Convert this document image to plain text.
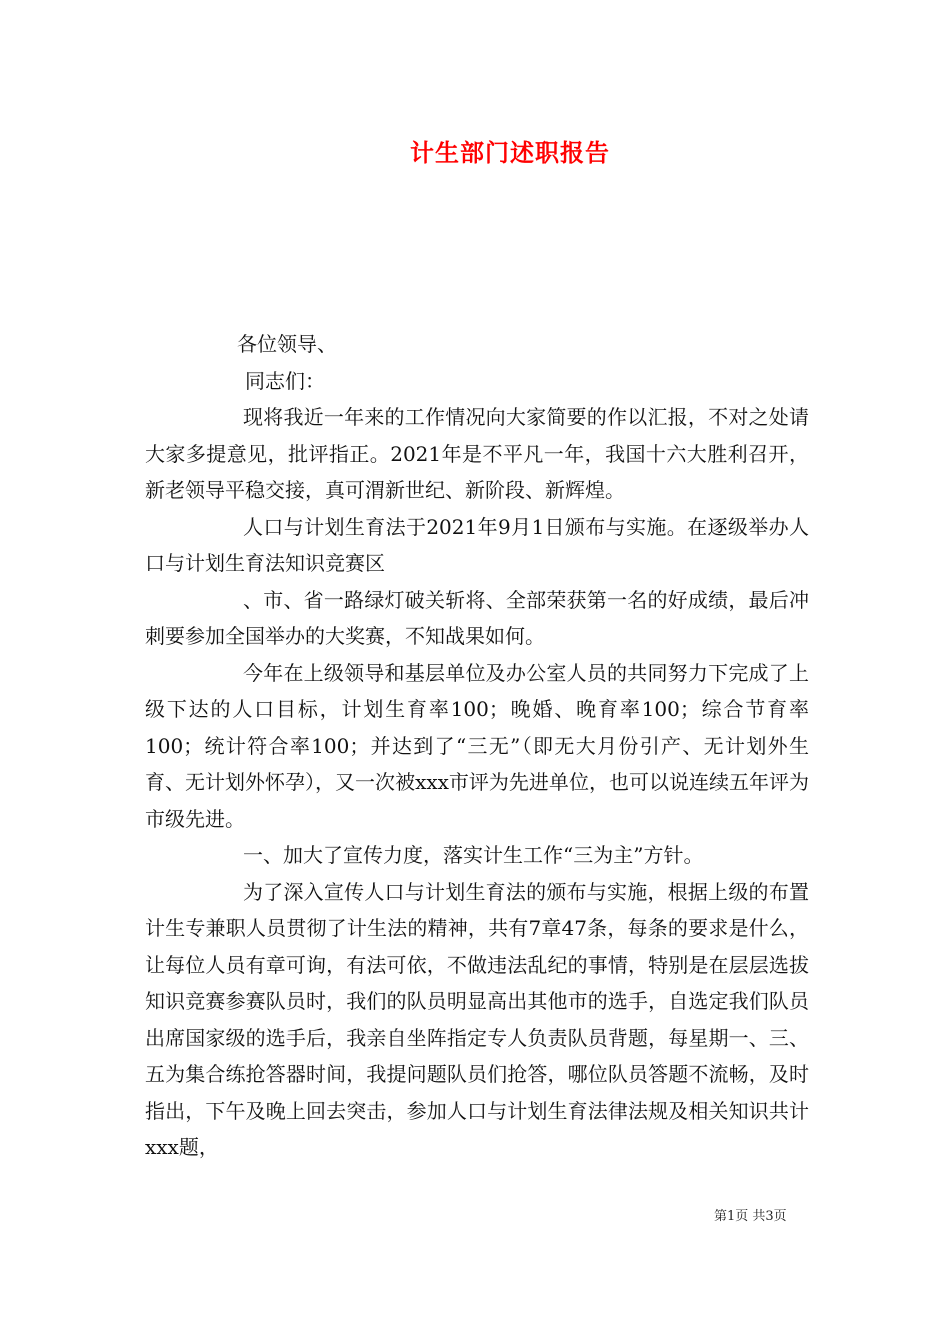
计生部门述职报告

各位领导、

同志们：

现将我近一年来的工作情况向大家简要的作以汇报，不对之处请大家多提意见，批评指正。2021年是不平凡一年，我国十六大胜利召开，新老领导平稳交接，真可渭新世纪、新阶段、新辉煌。

人口与计划生育法于2021年9月1日颁布与实施。在逐级举办人口与计划生育法知识竞赛区

、市、省一路绿灯破关斩将、全部荣获第一名的好成绩，最后冲刺要参加全国举办的大奖赛，不知战果如何。

今年在上级领导和基层单位及办公室人员的共同努力下完成了上级下达的人口目标，计划生育率100；晚婚、晚育率100；综合节育率100；统计符合率100；并达到了“三无”（即无大月份引产、无计划外生育、无计划外怀孕），又一次被xxx市评为先进单位，也可以说连续五年评为市级先进。

一、加大了宣传力度，落实计生工作“三为主”方针。

为了深入宣传人口与计划生育法的颁布与实施，根据上级的布置计生专兼职人员贯彻了计生法的精神，共有7章47条，每条的要求是什么，让每位人员有章可询，有法可依，不做违法乱纪的事情，特别是在层层选拔知识竞赛参赛队员时，我们的队员明显高出其他市的选手，自选定我们队员出席国家级的选手后，我亲自坐阵指定专人负责队员背题，每星期一、三、五为集合练抢答器时间，我提问题队员们抢答，哪位队员答题不流畅，及时指出，下午及晚上回去突击，参加人口与计划生育法律法规及相关知识共计xxx题，

第1页 共3页
